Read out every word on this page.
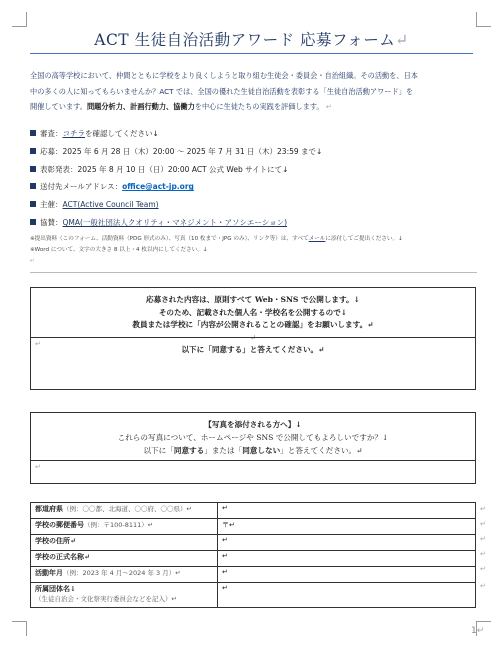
ACT 生徒自治活動アワード 応募フォーム↵
全国の高等学校において、仲間とともに学校をより良くしようと取り組む生徒会・委員会・自治組織。その活動を、日本
中の多くの人に知ってもらいませんか？ACT では、全国の優れた生徒自治活動を表彰する「生徒自治活動アワード」を
開催しています。問題分析力、計画行動力、協働力を中心に生徒たちの実践を評価します。 ↵
審査：コチラを確認してください↓
応募：2025 年 6 月 28 日（木）20:00 ～ 2025 年 7 月 31 日（木）23:59 まで↓
表彰発表：2025 年 8 月 10 日（日）20:00 ACT 公式 Web サイトにて↓
送付先メールアドレス：office@act-jp.org
主催：ACT(Active Council Team)
協賛：QMA(一般社団法人クオリティ・マネジメント・アソシエーション)
※提出資料（このフォーム、活動資料（PDG 形式のみ）、写真（10 枚まで・JPG のみ）、リンク等）は、すべてメールに添付してご提出ください。↓
※Word について、文字の大きさ 8 以上・4 枚以内にしてください。↓
↵
応募された内容は、原則すべて Web・SNS で公開します。↓
そのため、記載された個人名・学校名を公開するので↓
教員または学校に「内容が公開されることの確認」をお願いします。↵
↵
以下に「同意する」と答えてください。↵
↵
【写真を添付される方へ】↓
これらの写真について、ホームページや SNS で公開してもよろしいですか？↓
以下に「同意する」または「同意しない」と答えてください。↵
↵
都道府県（例：〇〇都、北海道、〇〇府、〇〇県）↵	↵
学校の郵便番号（例：〒100-8111）↵	〒↵
学校の住所↵	↵
学校の正式名称↵	↵
活動年月（例：2023 年 4 月～2024 年 3 月）↵	↵

所属団体名↓
（生徒自治会・文化祭実行委員会などを記入）↵	↵
↵
↵
↵
↵
↵
↵
1↵
